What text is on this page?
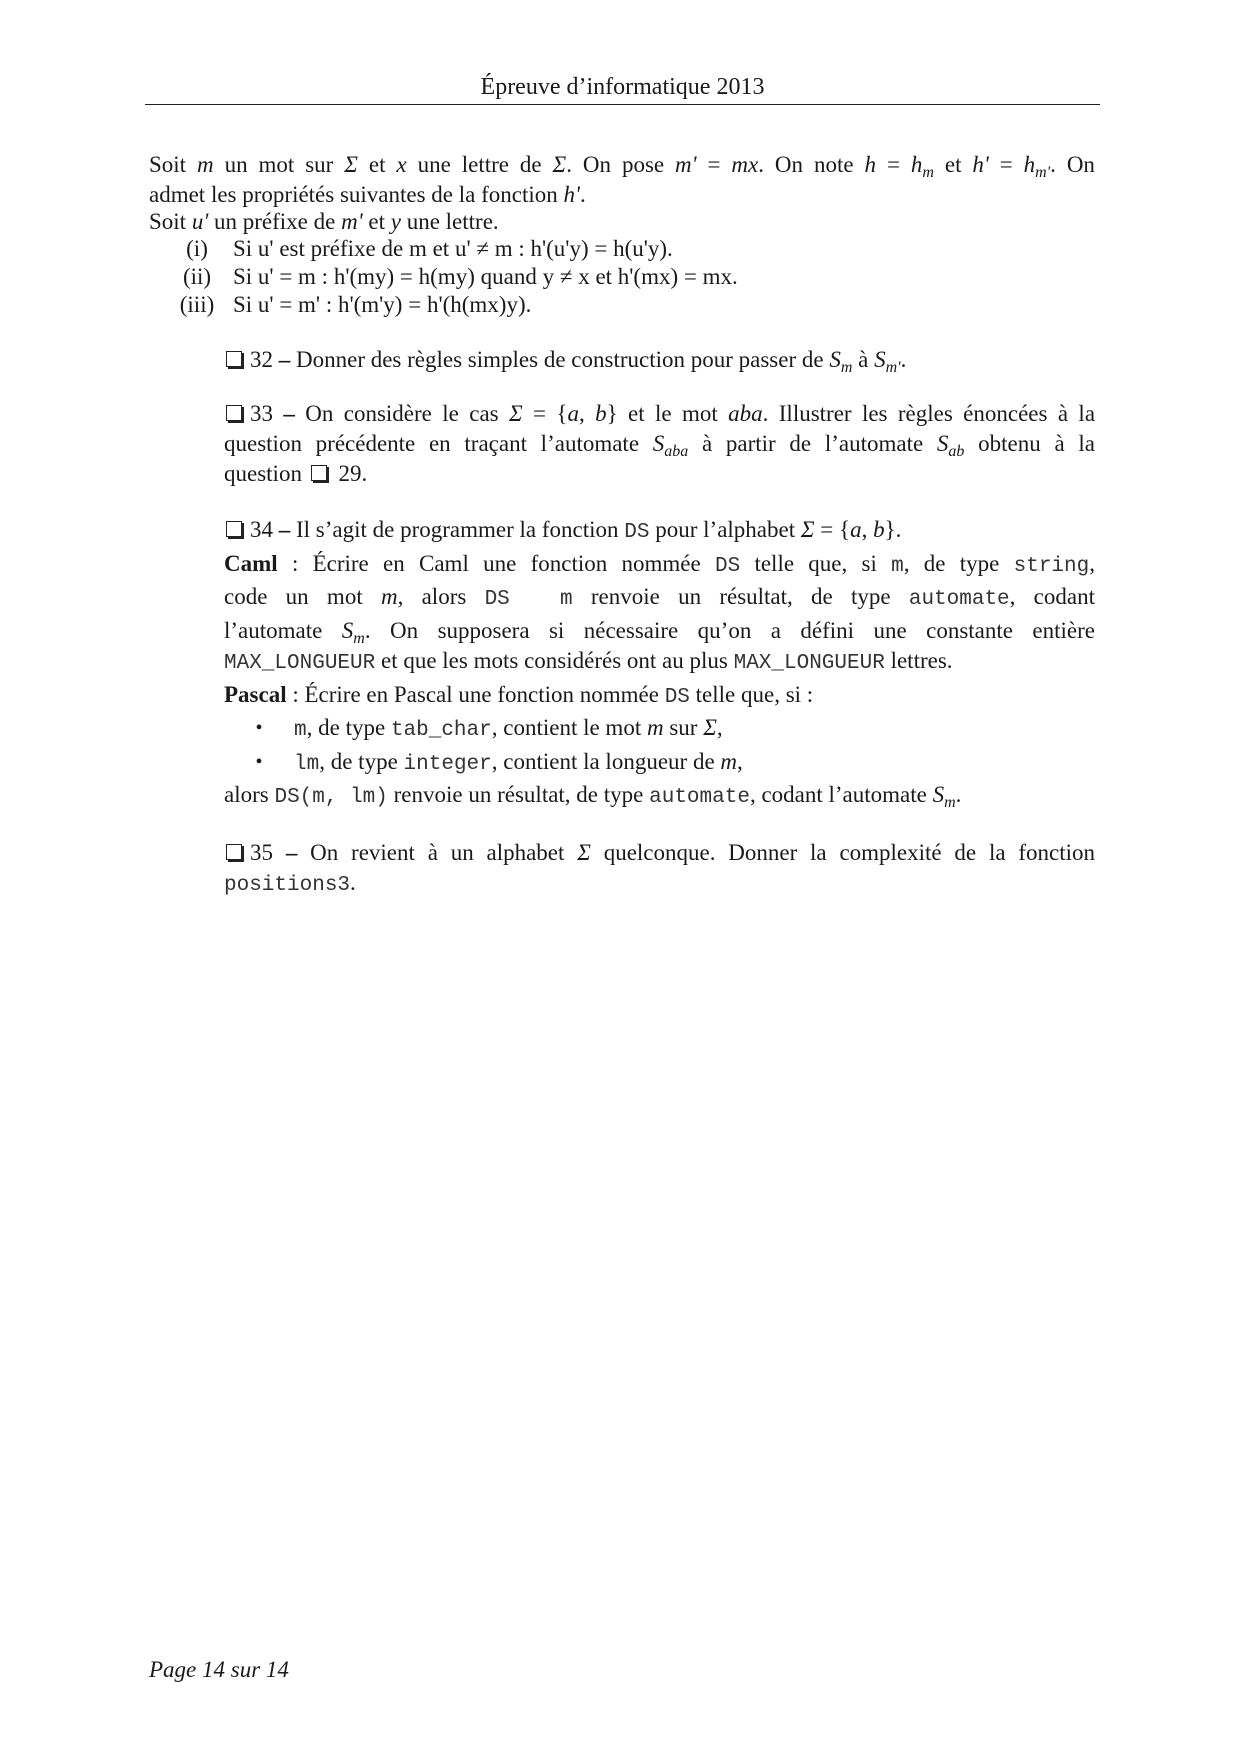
Épreuve d’informatique 2013

Soit m un mot sur Σ et x une lettre de Σ. On pose m' = mx. On note $h = h_m$ et $h' = h_{m'}$. On

admet les propriétés suivantes de la fonction h'.

Soit u' un préfixe de m' et y une lettre.

(i)	Si u' est préfixe de m et u' ≠ m : h'(u'y) = h(u'y).
(ii) Si u' = m : h'(my) = h(my) quand y ≠ x et h'(mx) = mx.
(iii) Si u' = m' : h'(m'y) = h'(h(mx)y).

32 – Donner des règles simples de construction pour passer de $S_m$ à $S_{m'}$.

33 – On considère le cas Σ = {a, b} et le mot aba. Illustrer les règles énoncées à la

question précédente en traçant l’automate $S_{aba}$ à partir de l’automate $S_{ab}$ obtenu à la

question  29.

34 – Il s’agit de programmer la fonction DS pour l’alphabet Σ = {a, b}.

Caml : Écrire en Caml une fonction nommée DS telle que, si m, de type string,

code un mot m, alors DS  m renvoie un résultat, de type automate, codant

l’automate $S_m$. On supposera si nécessaire qu’on a défini une constante entière

MAX_LONGUEUR et que les mots considérés ont au plus MAX_LONGUEUR lettres.

Pascal : Écrire en Pascal une fonction nommée DS telle que, si :

•	m, de type tab_char, contient le mot m sur Σ,
•	lm, de type integer, contient la longueur de m,

alors DS(m, lm) renvoie un résultat, de type automate, codant l’automate $S_m$.

35 – On revient à un alphabet Σ quelconque. Donner la complexité de la fonction

positions3.

Page 14 sur 14
